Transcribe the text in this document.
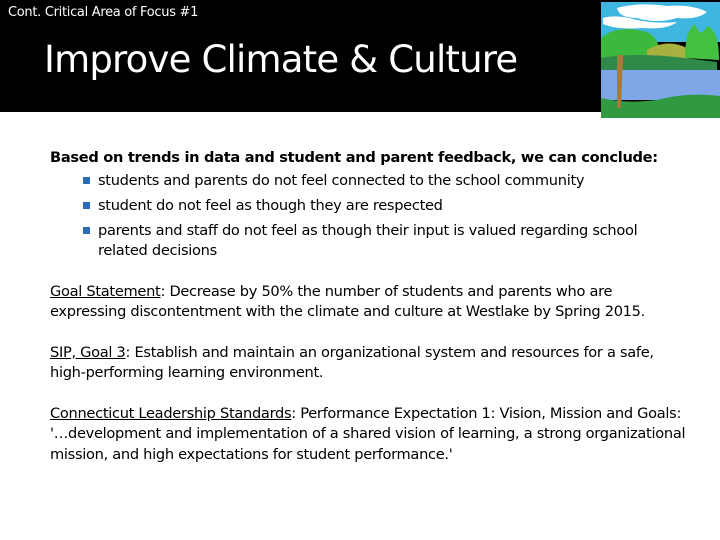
Cont. Critical Area of Focus #1
Improve Climate & Culture

Based on trends in data and student and parent feedback, we can conclude:

students and parents do not feel connected to the school community
student do not feel as though they are respected
parents and staff do not feel as though their input is valued regarding school related decisions

Goal Statement: Decrease by 50% the number of students and parents who are expressing discontentment with the climate and culture at Westlake by Spring 2015.

SIP, Goal 3: Establish and maintain an organizational system and resources for a safe, high-performing learning environment.

Connecticut Leadership Standards: Performance Expectation 1: Vision, Mission and Goals: '…development and implementation of a shared vision of learning, a strong organizational mission, and high expectations for student performance.'
